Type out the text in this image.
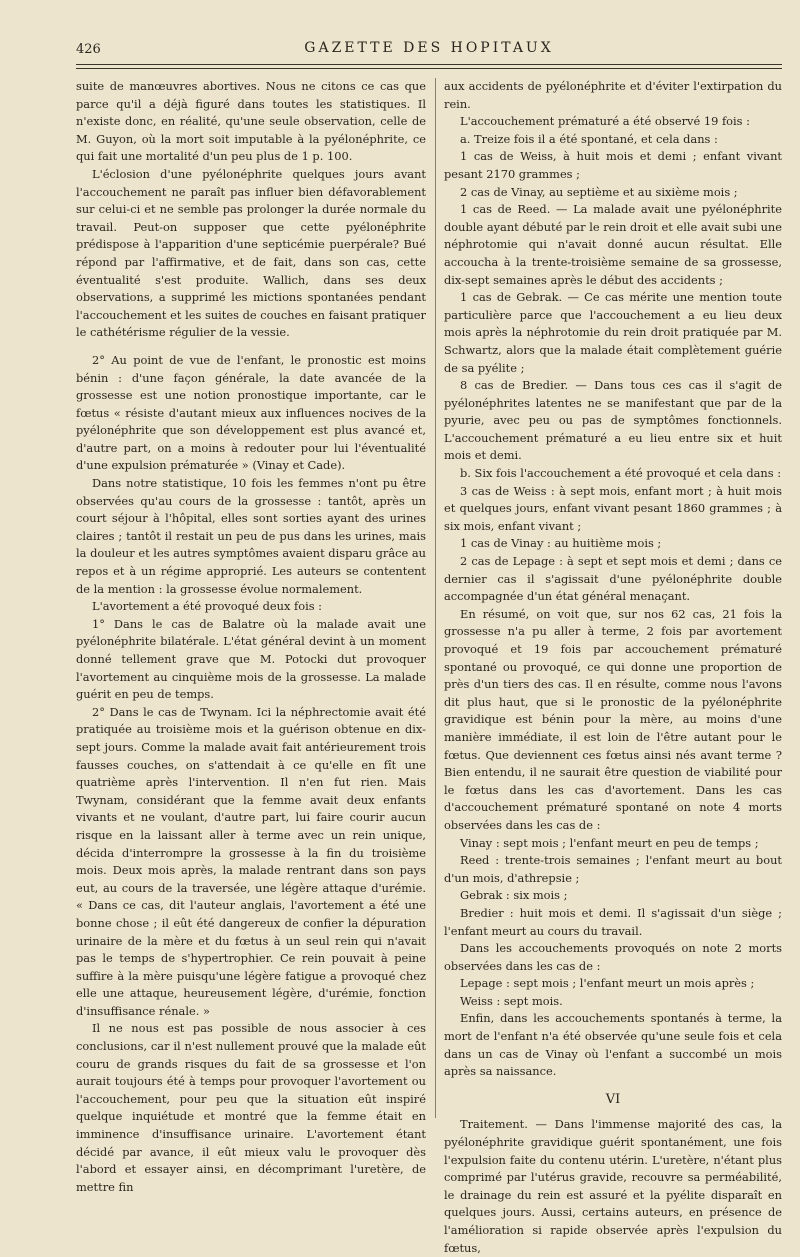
426	GAZETTE DES HOPITAUX

suite de manœuvres abortives. Nous ne citons ce cas que parce qu'il a déjà figuré dans toutes les statistiques. Il n'existe donc, en réalité, qu'une seule observation, celle de M. Guyon, où la mort soit imputable à la pyélonéphrite, ce qui fait une mortalité d'un peu plus de 1 p. 100.

L'éclosion d'une pyélonéphrite quelques jours avant l'accouchement ne paraît pas influer bien défavorablement sur celui-ci et ne semble pas prolonger la durée normale du travail. Peut-on supposer que cette pyélonéphrite prédispose à l'apparition d'une septicémie puerpérale? Bué répond par l'affirmative, et de fait, dans son cas, cette éventualité s'est produite. Wallich, dans ses deux observations, a supprimé les mictions spontanées pendant l'accouchement et les suites de couches en faisant pratiquer le cathétérisme régulier de la vessie.

2° Au point de vue de l'enfant, le pronostic est moins bénin : d'une façon générale, la date avancée de la grossesse est une notion pronostique importante, car le fœtus « résiste d'autant mieux aux influences nocives de la pyélonéphrite que son développement est plus avancé et, d'autre part, on a moins à redouter pour lui l'éventualité d'une expulsion prématurée » (Vinay et Cade).

Dans notre statistique, 10 fois les femmes n'ont pu être observées qu'au cours de la grossesse : tantôt, après un court séjour à l'hôpital, elles sont sorties ayant des urines claires ; tantôt il restait un peu de pus dans les urines, mais la douleur et les autres symptômes avaient disparu grâce au repos et à un régime approprié. Les auteurs se contentent de la mention : la grossesse évolue normalement.

L'avortement a été provoqué deux fois :

1° Dans le cas de Balatre où la malade avait une pyélonéphrite bilatérale. L'état général devint à un moment donné tellement grave que M. Potocki dut provoquer l'avortement au cinquième mois de la grossesse. La malade guérit en peu de temps.

2° Dans le cas de Twynam. Ici la néphrectomie avait été pratiquée au troisième mois et la guérison obtenue en dix-sept jours. Comme la malade avait fait antérieurement trois fausses couches, on s'attendait à ce qu'elle en fît une quatrième après l'intervention. Il n'en fut rien. Mais Twynam, considérant que la femme avait deux enfants vivants et ne voulant, d'autre part, lui faire courir aucun risque en la laissant aller à terme avec un rein unique, décida d'interrompre la grossesse à la fin du troisième mois. Deux mois après, la malade rentrant dans son pays eut, au cours de la traversée, une légère attaque d'urémie. « Dans ce cas, dit l'auteur anglais, l'avortement a été une bonne chose ; il eût été dangereux de confier la dépuration urinaire de la mère et du fœtus à un seul rein qui n'avait pas le temps de s'hypertrophier. Ce rein pouvait à peine suffire à la mère puisqu'une légère fatigue a provoqué chez elle une attaque, heureusement légère, d'urémie, fonction d'insuffisance rénale. »

Il ne nous est pas possible de nous associer à ces conclusions, car il n'est nullement prouvé que la malade eût couru de grands risques du fait de sa grossesse et l'on aurait toujours été à temps pour provoquer l'avortement ou l'accouchement, pour peu que la situation eût inspiré quelque inquiétude et montré que la femme était en imminence d'insuffisance urinaire. L'avortement étant décidé par avance, il eût mieux valu le provoquer dès l'abord et essayer ainsi, en décomprimant l'uretère, de mettre fin

aux accidents de pyélonéphrite et d'éviter l'extirpation du rein.

L'accouchement prématuré a été observé 19 fois :

a. Treize fois il a été spontané, et cela dans :

1 cas de Weiss, à huit mois et demi ; enfant vivant pesant 2170 grammes ;

2 cas de Vinay, au septième et au sixième mois ;

1 cas de Reed. — La malade avait une pyélonéphrite double ayant débuté par le rein droit et elle avait subi une néphrotomie qui n'avait donné aucun résultat. Elle accoucha à la trente-troisième semaine de sa grossesse, dix-sept semaines après le début des accidents ;

1 cas de Gebrak. — Ce cas mérite une mention toute particulière parce que l'accouchement a eu lieu deux mois après la néphrotomie du rein droit pratiquée par M. Schwartz, alors que la malade était complètement guérie de sa pyélite ;

8 cas de Bredier. — Dans tous ces cas il s'agit de pyélonéphrites latentes ne se manifestant que par de la pyurie, avec peu ou pas de symptômes fonctionnels. L'accouchement prématuré a eu lieu entre six et huit mois et demi.

b. Six fois l'accouchement a été provoqué et cela dans :

3 cas de Weiss : à sept mois, enfant mort ; à huit mois et quelques jours, enfant vivant pesant 1860 grammes ; à six mois, enfant vivant ;

1 cas de Vinay : au huitième mois ;

2 cas de Lepage : à sept et sept mois et demi ; dans ce dernier cas il s'agissait d'une pyélonéphrite double accompagnée d'un état général menaçant.

En résumé, on voit que, sur nos 62 cas, 21 fois la grossesse n'a pu aller à terme, 2 fois par avortement provoqué et 19 fois par accouchement prématuré spontané ou provoqué, ce qui donne une proportion de près d'un tiers des cas. Il en résulte, comme nous l'avons dit plus haut, que si le pronostic de la pyélonéphrite gravidique est bénin pour la mère, au moins d'une manière immédiate, il est loin de l'être autant pour le fœtus. Que deviennent ces fœtus ainsi nés avant terme ? Bien entendu, il ne saurait être question de viabilité pour le fœtus dans les cas d'avortement. Dans les cas d'accouchement prématuré spontané on note 4 morts observées dans les cas de :

Vinay : sept mois ; l'enfant meurt en peu de temps ;

Reed : trente-trois semaines ; l'enfant meurt au bout d'un mois, d'athrepsie ;

Gebrak : six mois ;

Bredier : huit mois et demi. Il s'agissait d'un siège ; l'enfant meurt au cours du travail.

Dans les accouchements provoqués on note 2 morts observées dans les cas de :

Lepage : sept mois ; l'enfant meurt un mois après ;

Weiss : sept mois.

Enfin, dans les accouchements spontanés à terme, la mort de l'enfant n'a été observée qu'une seule fois et cela dans un cas de Vinay où l'enfant a succombé un mois après sa naissance.

VI

Traitement. — Dans l'immense majorité des cas, la pyélonéphrite gravidique guérit spontanément, une fois l'expulsion faite du contenu utérin. L'uretère, n'étant plus comprimé par l'utérus gravide, recouvre sa perméabilité, le drainage du rein est assuré et la pyélite disparaît en quelques jours. Aussi, certains auteurs, en présence de l'amélioration si rapide observée après l'expulsion du fœtus,
